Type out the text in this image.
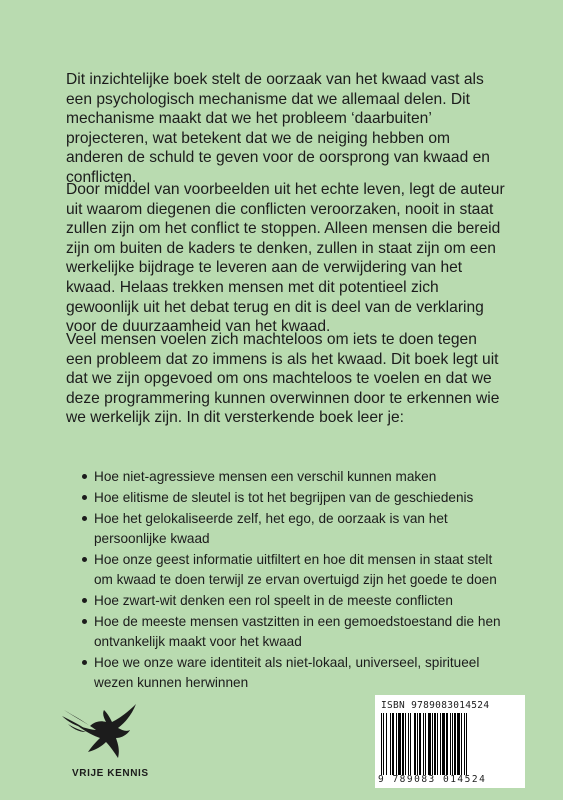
Dit inzichtelijke boek stelt de oorzaak van het kwaad vast als een psychologisch mechanisme dat we allemaal delen. Dit mechanisme maakt dat we het probleem ‘daarbuiten’ projecteren, wat betekent dat we de neiging hebben om anderen de schuld te geven voor de oorsprong van kwaad en conflicten.

Door middel van voorbeelden uit het echte leven, legt de auteur uit waarom diegenen die conflicten veroorzaken, nooit in staat zullen zijn om het conflict te stoppen. Alleen mensen die bereid zijn om buiten de kaders te denken, zullen in staat zijn om een werkelijke bijdrage te leveren aan de verwijdering van het kwaad. Helaas trekken mensen met dit potentieel zich gewoonlijk uit het debat terug en dit is deel van de verklaring voor de duurzaamheid van het kwaad.

Veel mensen voelen zich machteloos om iets te doen tegen een probleem dat zo immens is als het kwaad. Dit boek legt uit dat we zijn opgevoed om ons machteloos te voelen en dat we deze programmering kunnen overwinnen door te erkennen wie we werkelijk zijn. In dit versterkende boek leer je:

Hoe niet-agressieve mensen een verschil kunnen maken
Hoe elitisme de sleutel is tot het begrijpen van de geschiedenis
Hoe het gelokaliseerde zelf, het ego, de oorzaak is van het persoonlijke kwaad
Hoe onze geest informatie uitfiltert en hoe dit mensen in staat stelt om kwaad te doen terwijl ze ervan overtuigd zijn het goede te doen
Hoe zwart-wit denken een rol speelt in de meeste conflicten
Hoe de meeste mensen vastzitten in een gemoedstoestand die hen ontvankelijk maakt voor het kwaad
Hoe we onze ware identiteit als niet-lokaal, universeel, spiritueel wezen kunnen herwinnen
VRIJE KENNIS
ISBN 9789083014524
9 789083 014524
